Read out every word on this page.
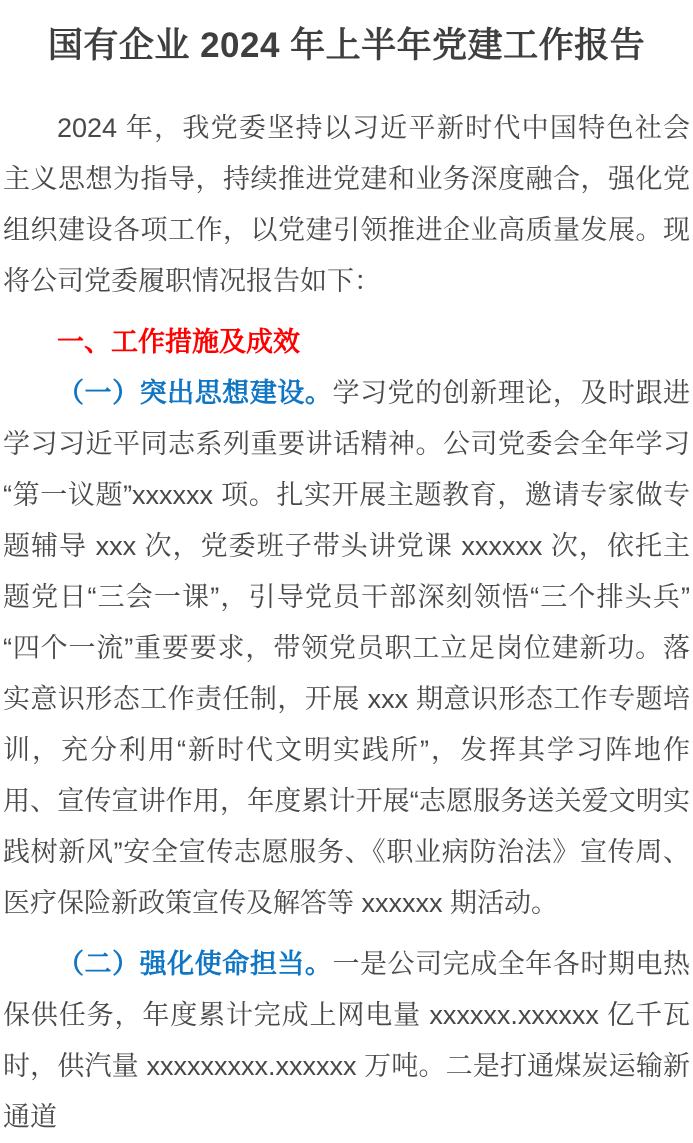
国有企业 2024 年上半年党建工作报告

2024 年，我党委坚持以习近平新时代中国特色社会主义思想为指导，持续推进党建和业务深度融合，强化党组织建设各项工作，以党建引领推进企业高质量发展。现将公司党委履职情况报告如下：

一、工作措施及成效

（一）突出思想建设。学习党的创新理论，及时跟进学习习近平同志系列重要讲话精神。公司党委会全年学习“第一议题”xxxxxx 项。扎实开展主题教育，邀请专家做专题辅导 xxx 次，党委班子带头讲党课 xxxxxx 次，依托主题党日“三会一课”，引导党员干部深刻领悟“三个排头兵”“四个一流”重要要求，带领党员职工立足岗位建新功。落实意识形态工作责任制，开展 xxx 期意识形态工作专题培训，充分利用“新时代文明实践所”，发挥其学习阵地作用、宣传宣讲作用，年度累计开展“志愿服务送关爱文明实践树新风”安全宣传志愿服务、《职业病防治法》宣传周、医疗保险新政策宣传及解答等 xxxxxx 期活动。

（二）强化使命担当。一是公司完成全年各时期电热保供任务，年度累计完成上网电量 xxxxxx.xxxxxx 亿千瓦时，供汽量 xxxxxxxxx.xxxxxx 万吨。二是打通煤炭运输新通道
